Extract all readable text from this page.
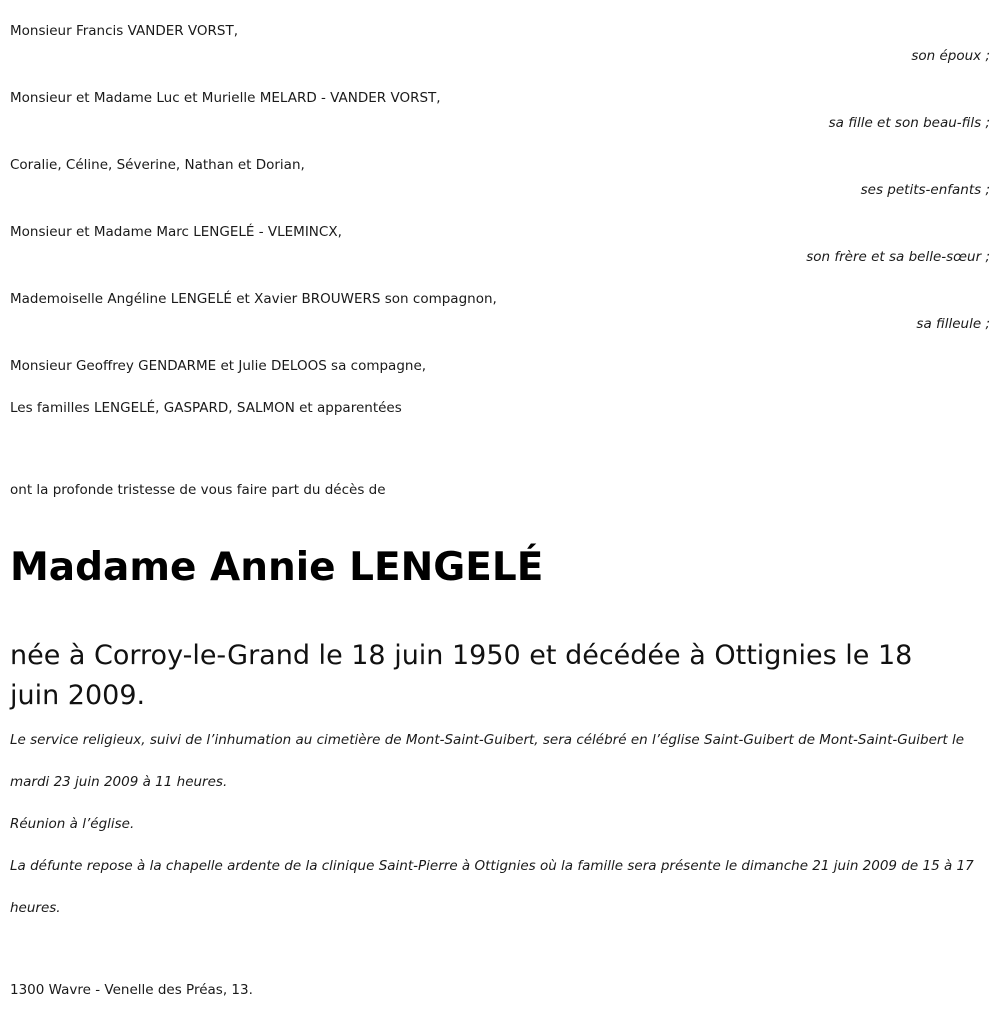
Monsieur Francis VANDER VORST,
son époux ;
Monsieur et Madame Luc et Murielle MELARD - VANDER VORST,
sa fille et son beau-fils ;
Coralie, Céline, Séverine, Nathan et Dorian,
ses petits-enfants ;
Monsieur et Madame Marc LENGELÉ - VLEMINCX,
son frère et sa belle-sœur ;
Mademoiselle Angéline LENGELÉ et Xavier BROUWERS son compagnon,
sa filleule ;
Monsieur Geoffrey GENDARME et Julie DELOOS sa compagne,
Les familles LENGELÉ, GASPARD, SALMON et apparentées
ont la profonde tristesse de vous faire part du décès de
Madame Annie LENGELÉ
née à Corroy-le-Grand le 18 juin 1950 et décédée à Ottignies le 18 juin 2009.
Le service religieux, suivi de l’inhumation au cimetière de Mont-Saint-Guibert, sera célébré en l’église Saint-Guibert de Mont-Saint-Guibert le
mardi 23 juin 2009 à 11 heures.
Réunion à l’église.
La défunte repose à la chapelle ardente de la clinique Saint-Pierre à Ottignies où la famille sera présente le dimanche 21 juin 2009 de 15 à 17
heures.
1300 Wavre - Venelle des Préas, 13.
